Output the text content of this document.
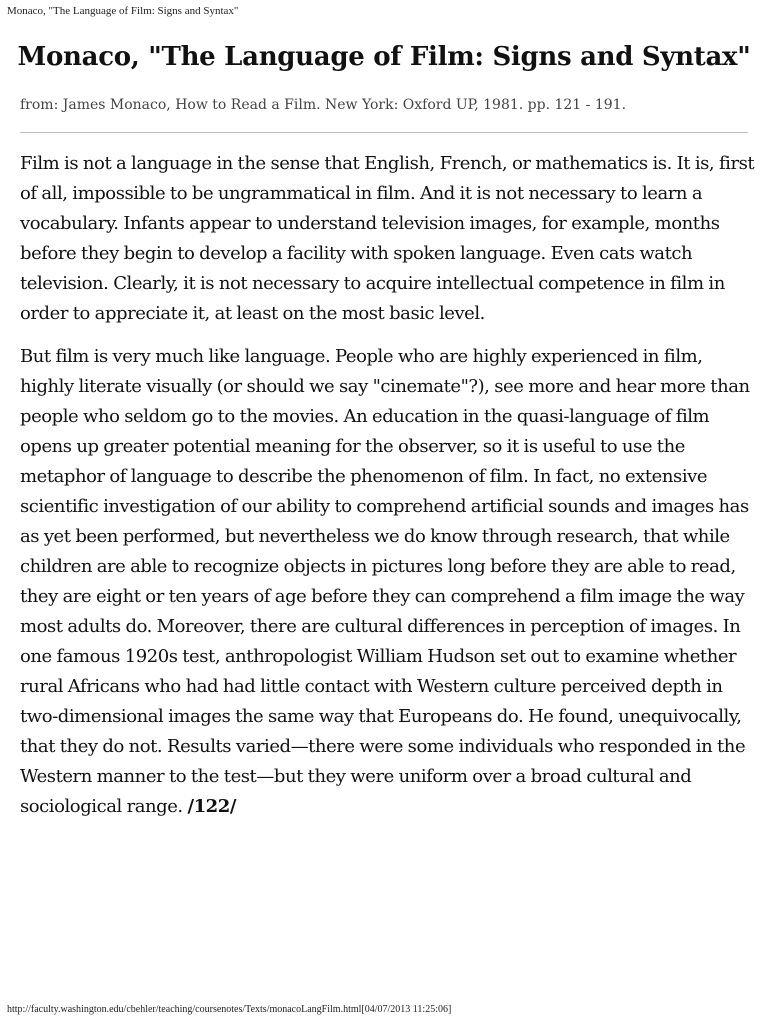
Monaco, "The Language of Film: Signs and Syntax"
Monaco, "The Language of Film: Signs and Syntax"

from: James Monaco, How to Read a Film. New York: Oxford UP, 1981. pp. 121 - 191.

Film is not a language in the sense that English, French, or mathematics is. It is, first of all, impossible to be ungrammatical in film. And it is not necessary to learn a vocabulary. Infants appear to understand television images, for example, months before they begin to develop a facility with spoken language. Even cats watch television. Clearly, it is not necessary to acquire intellectual competence in film in order to appreciate it, at least on the most basic level.

But film is very much like language. People who are highly experienced in film, highly literate visually (or should we say "cinemate"?), see more and hear more than people who seldom go to the movies. An education in the quasi-language of film opens up greater potential meaning for the observer, so it is useful to use the metaphor of language to describe the phenomenon of film. In fact, no extensive scientific investigation of our ability to comprehend artificial sounds and images has as yet been performed, but nevertheless we do know through research, that while children are able to recognize objects in pictures long before they are able to read, they are eight or ten years of age before they can comprehend a film image the way most adults do. Moreover, there are cultural differences in perception of images. In one famous 1920s test, anthropologist William Hudson set out to examine whether rural Africans who had had little contact with Western culture perceived depth in two-dimensional images the same way that Europeans do. He found, unequivocally, that they do not. Results varied—there were some individuals who responded in the Western manner to the test—but they were uniform over a broad cultural and sociological range. /122/

http://faculty.washington.edu/cbehler/teaching/coursenotes/Texts/monacoLangFilm.html[04/07/2013 11:25:06]
